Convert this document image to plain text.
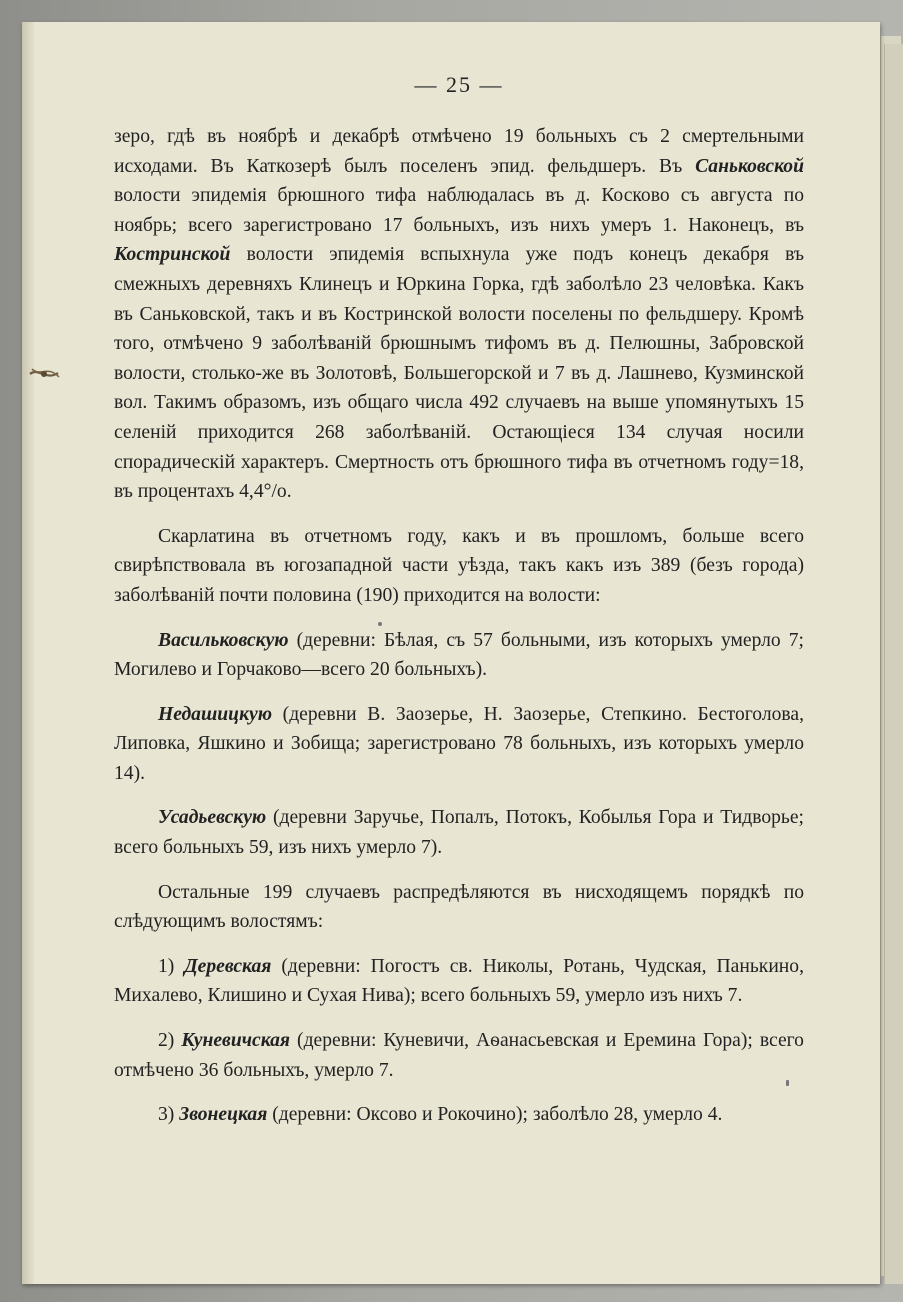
— 25 —

зеро, гдѣ въ ноябрѣ и декабрѣ отмѣчено 19 больныхъ съ 2 смертельными исходами. Въ Каткозерѣ былъ поселенъ эпид. фельдшеръ. Въ Саньковской волости эпидемія брюшного тифа наблюдалась въ д. Косково съ августа по ноябрь; всего зарегистровано 17 больныхъ, изъ нихъ умеръ 1. Наконецъ, въ Костринской волости эпидемія вспыхнула уже подъ конецъ декабря въ смежныхъ деревняхъ Клинецъ и Юркина Горка, гдѣ заболѣло 23 человѣка. Какъ въ Саньковской, такъ и въ Костринской волости поселены по фельдшеру. Кромѣ того, отмѣчено 9 заболѣваній брюшнымъ тифомъ въ д. Пелюшны, Забровской волости, столько-же въ Золотовѣ, Большегорской и 7 въ д. Лашнево, Кузминской вол. Такимъ образомъ, изъ общаго числа 492 случаевъ на выше упомянутыхъ 15 селеній приходится 268 заболѣваній. Остающіеся 134 случая носили спорадическій характеръ. Смертность отъ брюшного тифа въ отчетномъ году=18, въ процентахъ 4,4°/о.

Скарлатина въ отчетномъ году, какъ и въ прошломъ, больше всего свирѣпствовала въ югозападной части уѣзда, такъ какъ изъ 389 (безъ города) заболѣваній почти половина (190) приходится на волости:

Васильковскую (деревни: Бѣлая, съ 57 больными, изъ которыхъ умерло 7; Могилево и Горчаково—всего 20 больныхъ).

Недашицкую (деревни В. Заозерье, Н. Заозерье, Степкино. Бестоголова, Липовка, Яшкино и Зобища; зарегистровано 78 больныхъ, изъ которыхъ умерло 14).

Усадьевскую (деревни Заручье, Попалъ, Потокъ, Кобылья Гора и Тидворье; всего больныхъ 59, изъ нихъ умерло 7).

Остальные 199 случаевъ распредѣляются въ нисходящемъ порядкѣ по слѣдующимъ волостямъ:

1) Деревская (деревни: Погостъ св. Николы, Ротань, Чудская, Панькино, Михалево, Клишино и Сухая Нива); всего больныхъ 59, умерло изъ нихъ 7.

2) Куневичская (деревни: Куневичи, Аѳанасьевская и Еремина Гора); всего отмѣчено 36 больныхъ, умерло 7.

3) Звонецкая (деревни: Оксово и Рокочино); заболѣло 28, умерло 4.
